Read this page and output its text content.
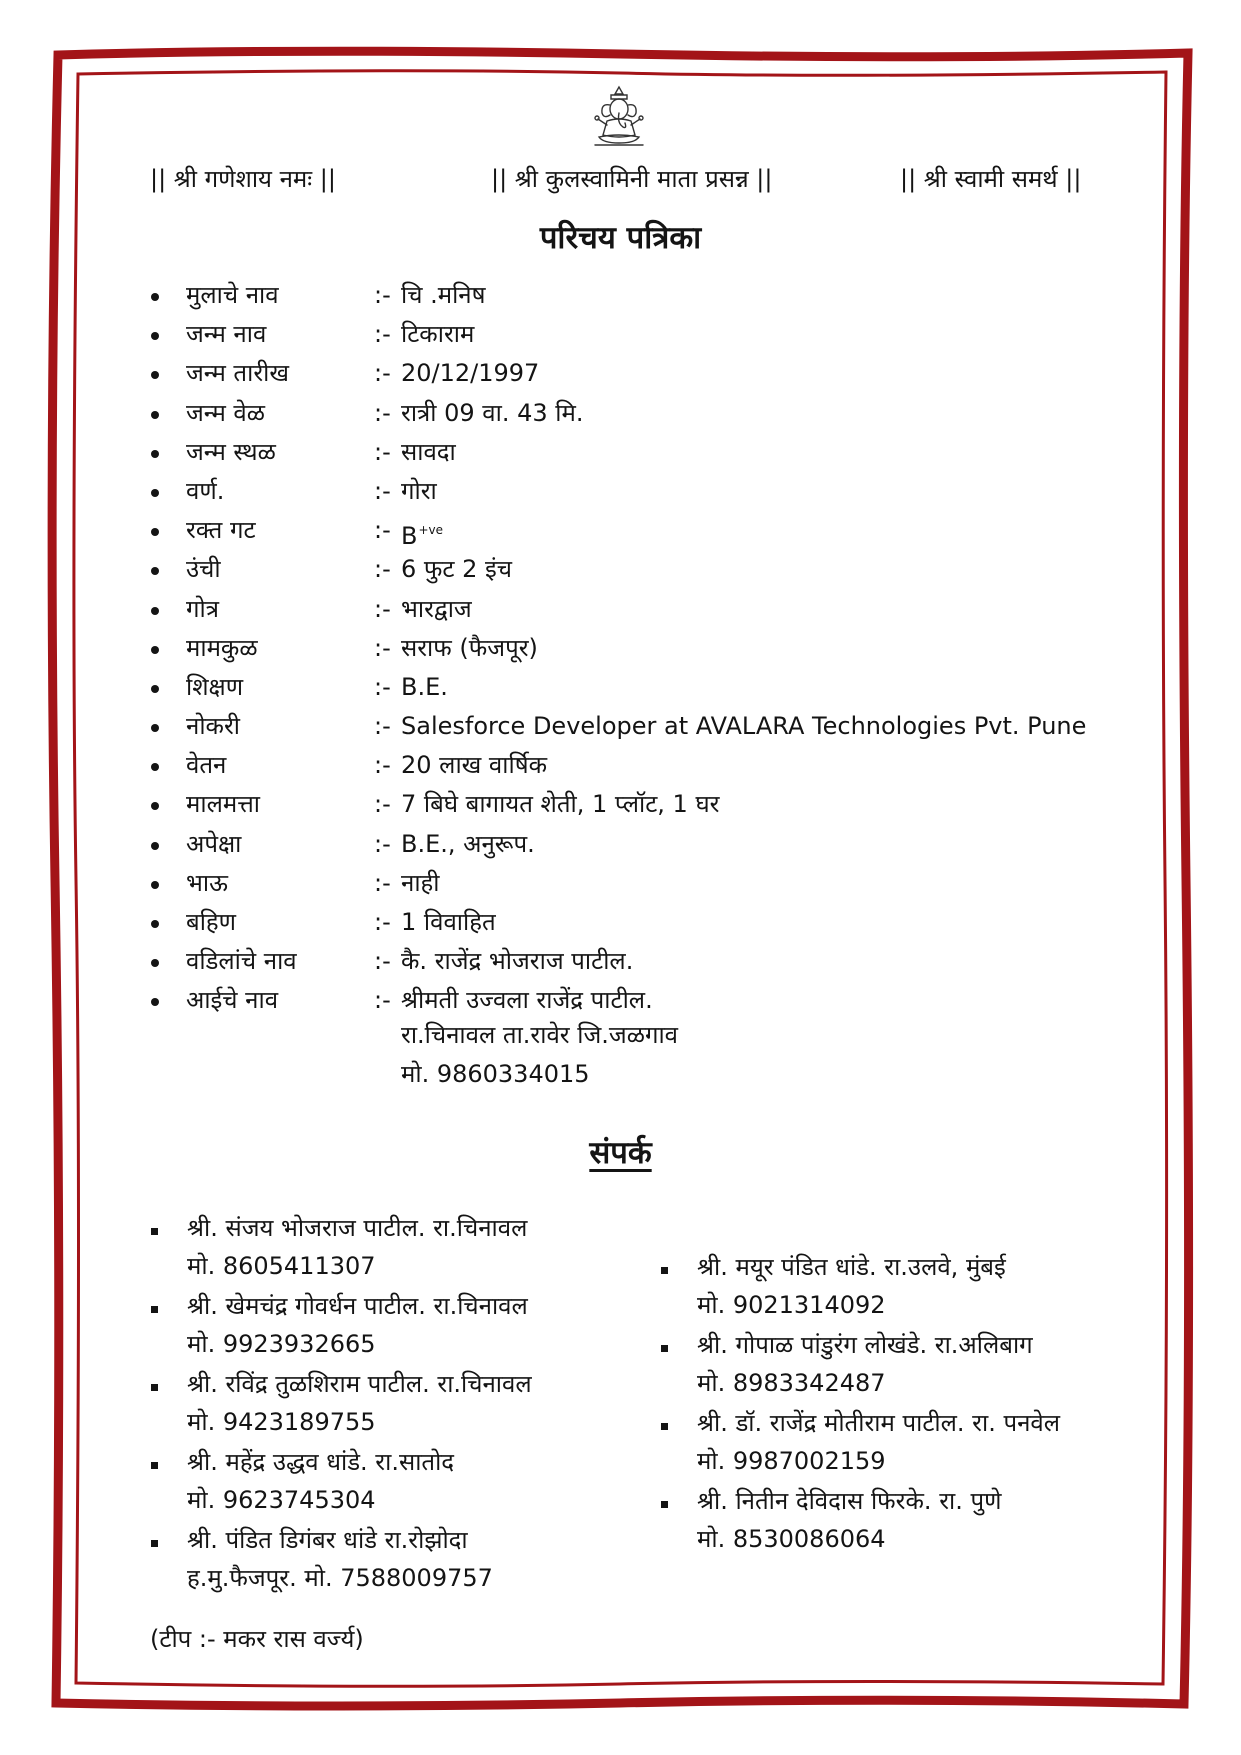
|| श्री गणेशाय नमः ||	|| श्री कुलस्वामिनी माता प्रसन्न ||	|| श्री स्वामी समर्थ ||
परिचय पत्रिका
मुलाचे नाव	:- चि .मनिष
जन्म नाव	:- टिकाराम
जन्म तारीख	:- 20/12/1997
जन्म वेळ	:- रात्री 09 वा. 43 मि.
जन्म स्थळ	:- सावदा
वर्ण.	:- गोरा
रक्त गट	:- $B^{+ve}$
उंची	:- 6 फुट 2 इंच
गोत्र	:- भारद्वाज
मामकुळ	:- सराफ (फैजपूर)
शिक्षण	:- B.E.
नोकरी	:- Salesforce Developer at AVALARA Technologies Pvt. Pune
वेतन	:- 20 लाख वार्षिक
मालमत्ता	:- 7 बिघे बागायत शेती, 1 प्लॉट, 1 घर
अपेक्षा	:- B.E., अनुरूप.
भाऊ	:- नाही
बहिण	:- 1 विवाहित
वडिलांचे नाव	:- कै. राजेंद्र भोजराज पाटील.
आईचे नाव	:- श्रीमती उज्वला राजेंद्र पाटील.
रा.चिनावल ता.रावेर जि.जळगाव
मो. 9860334015
संपर्क
श्री. संजय भोजराज पाटील. रा.चिनावल
मो. 8605411307
श्री. खेमचंद्र गोवर्धन पाटील. रा.चिनावल
मो. 9923932665
श्री. रविंद्र तुळशिराम पाटील. रा.चिनावल
मो. 9423189755
श्री. महेंद्र उद्धव धांडे. रा.सातोद
मो. 9623745304
श्री. पंडित डिगंबर धांडे रा.रोझोदा
ह.मु.फैजपूर. मो. 7588009757
श्री. मयूर पंडित धांडे. रा.उलवे, मुंबई
मो. 9021314092
श्री. गोपाळ पांडुरंग लोखंडे. रा.अलिबाग
मो. 8983342487
श्री. डॉ. राजेंद्र मोतीराम पाटील. रा. पनवेल
मो. 9987002159
श्री. नितीन देविदास फिरके. रा. पुणे
मो. 8530086064
(टीप :- मकर रास वर्ज्य)
